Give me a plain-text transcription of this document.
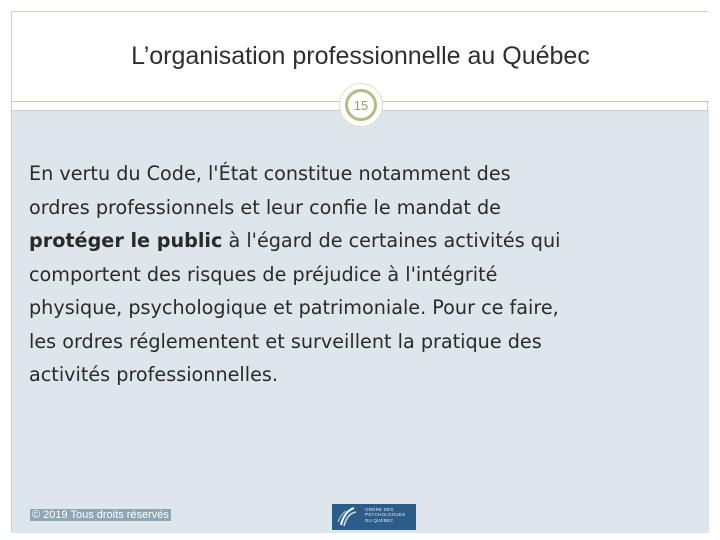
L’organisation professionnelle au Québec
15

En vertu du Code, l'État constitue notamment des
ordres professionnels et leur confie le mandat de
protéger le public à l'égard de certaines activités qui
comportent des risques de préjudice à l'intégrité
physique, psychologique et patrimoniale. Pour ce faire,
les ordres réglementent et surveillent la pratique des
activités professionnelles.

© 2019 Tous droits réservés	ORDRE DES
PSYCHOLOGUES
DU QUÉBEC
